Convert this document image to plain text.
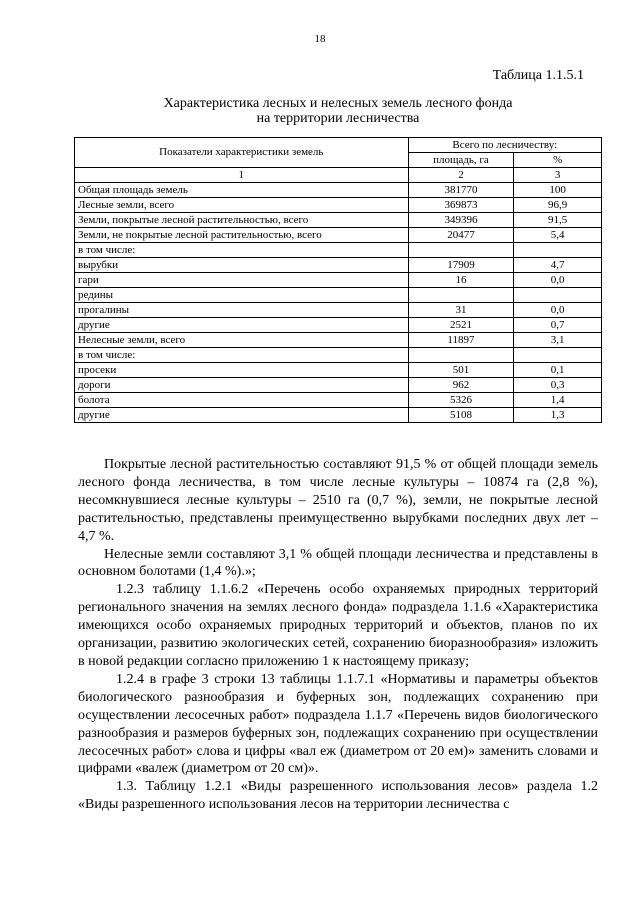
18
Таблица 1.1.5.1
Характеристика лесных и нелесных земель лесного фонда
на территории лесничества
Показатели характеристики земель	Всего по лесничеству:	
	площадь, га	%
1	2	3
Общая площадь земель	381770	100
Лесные земли, всего	369873	96,9
Земли, покрытые лесной растительностью, всего	349396	91,5
Земли, не покрытые лесной растительностью, всего	20477	5,4
в том числе:		
вырубки	17909	4,7
гари	16	0,0
редины		
прогалины	31	0,0
другие	2521	0,7
Нелесные земли, всего	11897	3,1
в том числе:		
просеки	501	0,1
дороги	962	0,3
болота	5326	1,4
другие	5108	1,3

Покрытые лесной растительностью составляют 91,5 % от общей площади земель лесного фонда лесничества, в том числе лесные культуры – 10874 га (2,8 %), несомкнувшиеся лесные культуры – 2510 га (0,7 %), земли, не покрытые лесной растительностью, представлены преимущественно вырубками последних двух лет – 4,7 %.

Нелесные земли составляют 3,1 % общей площади лесничества и представлены в основном болотами (1,4 %).»;

1.2.3 таблицу 1.1.6.2 «Перечень особо охраняемых природных территорий регионального значения на землях лесного фонда» подраздела 1.1.6 «Характеристика имеющихся особо охраняемых природных территорий и объектов, планов по их организации, развитию экологических сетей, сохранению биоразнообразия» изложить в новой редакции согласно приложению 1 к настоящему приказу;

1.2.4 в графе 3 строки 13 таблицы 1.1.7.1 «Нормативы и параметры объектов биологического разнообразия и буферных зон, подлежащих сохранению при осуществлении лесосечных работ» подраздела 1.1.7 «Перечень видов биологического разнообразия и размеров буферных зон, подлежащих сохранению при осуществлении лесосечных работ» слова и цифры «вал еж (диаметром от 20 ем)» заменить словами и цифрами «валеж (диаметром от 20 см)».

1.3. Таблицу 1.2.1 «Виды разрешенного использования лесов» раздела 1.2 «Виды разрешенного использования лесов на территории лесничества с
